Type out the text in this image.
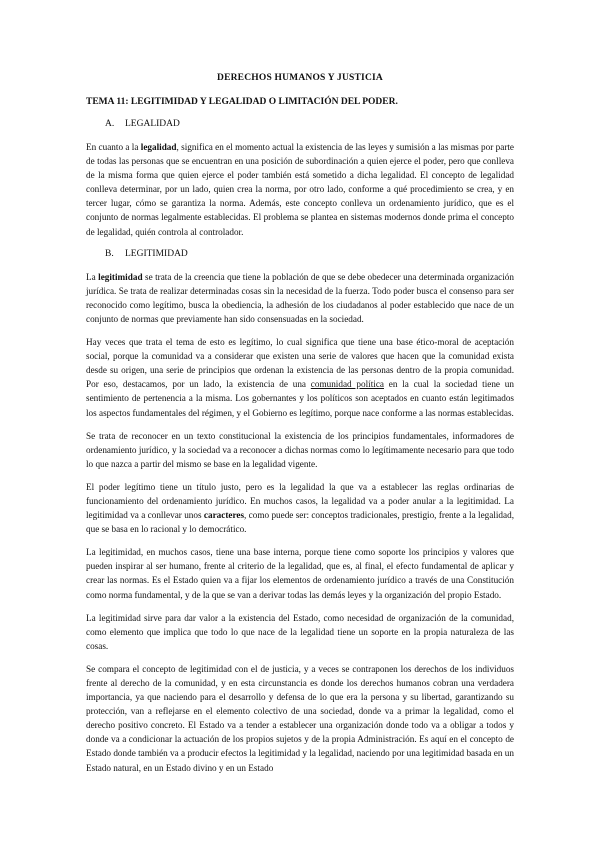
DERECHOS HUMANOS Y JUSTICIA
TEMA 11: LEGITIMIDAD Y LEGALIDAD O LIMITACIÓN DEL PODER.
A. LEGALIDAD

En cuanto a la legalidad, significa en el momento actual la existencia de las leyes y sumisión a las mismas por parte de todas las personas que se encuentran en una posición de subordinación a quien ejerce el poder, pero que conlleva de la misma forma que quien ejerce el poder también está sometido a dicha legalidad. El concepto de legalidad conlleva determinar, por un lado, quien crea la norma, por otro lado, conforme a qué procedimiento se crea, y en tercer lugar, cómo se garantiza la norma. Además, este concepto conlleva un ordenamiento jurídico, que es el conjunto de normas legalmente establecidas. El problema se plantea en sistemas modernos donde prima el concepto de legalidad, quién controla al controlador.

B. LEGITIMIDAD

La legitimidad se trata de la creencia que tiene la población de que se debe obedecer una determinada organización jurídica. Se trata de realizar determinadas cosas sin la necesidad de la fuerza. Todo poder busca el consenso para ser reconocido como legítimo, busca la obediencia, la adhesión de los ciudadanos al poder establecido que nace de un conjunto de normas que previamente han sido consensuadas en la sociedad.

Hay veces que trata el tema de esto es legítimo, lo cual significa que tiene una base ético-moral de aceptación social, porque la comunidad va a considerar que existen una serie de valores que hacen que la comunidad exista desde su origen, una serie de principios que ordenan la existencia de las personas dentro de la propia comunidad. Por eso, destacamos, por un lado, la existencia de una comunidad política en la cual la sociedad tiene un sentimiento de pertenencia a la misma. Los gobernantes y los políticos son aceptados en cuanto están legitimados los aspectos fundamentales del régimen, y el Gobierno es legítimo, porque nace conforme a las normas establecidas.

Se trata de reconocer en un texto constitucional la existencia de los principios fundamentales, informadores de ordenamiento jurídico, y la sociedad va a reconocer a dichas normas como lo legítimamente necesario para que todo lo que nazca a partir del mismo se base en la legalidad vigente.

El poder legítimo tiene un título justo, pero es la legalidad la que va a establecer las reglas ordinarias de funcionamiento del ordenamiento jurídico. En muchos casos, la legalidad va a poder anular a la legitimidad. La legitimidad va a conllevar unos caracteres, como puede ser: conceptos tradicionales, prestigio, frente a la legalidad, que se basa en lo racional y lo democrático.

La legitimidad, en muchos casos, tiene una base interna, porque tiene como soporte los principios y valores que pueden inspirar al ser humano, frente al criterio de la legalidad, que es, al final, el efecto fundamental de aplicar y crear las normas. Es el Estado quien va a fijar los elementos de ordenamiento jurídico a través de una Constitución como norma fundamental, y de la que se van a derivar todas las demás leyes y la organización del propio Estado.

La legitimidad sirve para dar valor a la existencia del Estado, como necesidad de organización de la comunidad, como elemento que implica que todo lo que nace de la legalidad tiene un soporte en la propia naturaleza de las cosas.

Se compara el concepto de legitimidad con el de justicia, y a veces se contraponen los derechos de los individuos frente al derecho de la comunidad, y en esta circunstancia es donde los derechos humanos cobran una verdadera importancia, ya que naciendo para el desarrollo y defensa de lo que era la persona y su libertad, garantizando su protección, van a reflejarse en el elemento colectivo de una sociedad, donde va a primar la legalidad, como el derecho positivo concreto. El Estado va a tender a establecer una organización donde todo va a obligar a todos y donde va a condicionar la actuación de los propios sujetos y de la propia Administración. Es aquí en el concepto de Estado donde también va a producir efectos la legitimidad y la legalidad, naciendo por una legitimidad basada en un Estado natural, en un Estado divino y en un Estado
